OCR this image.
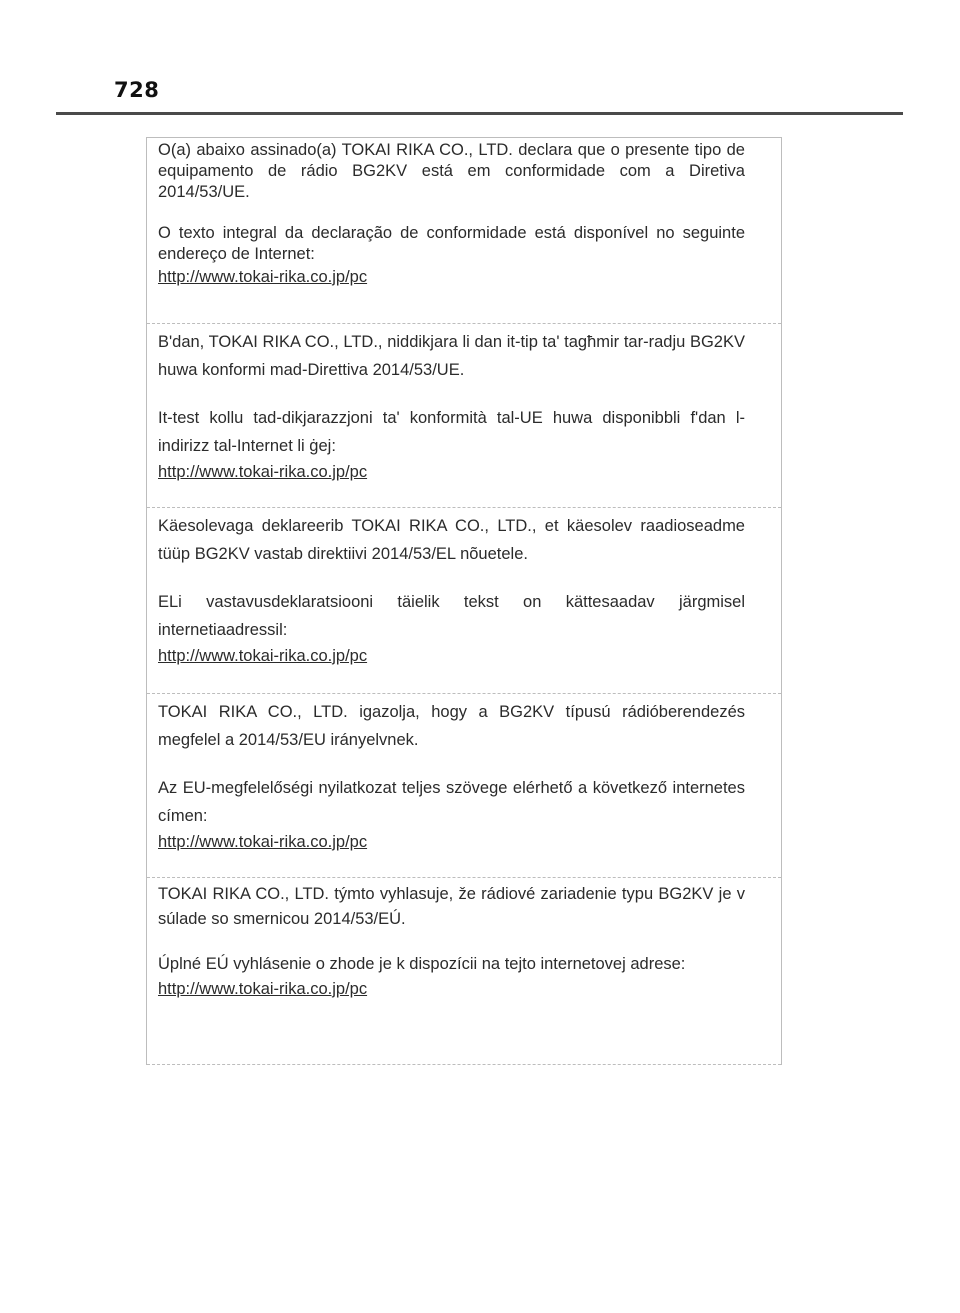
728

O(a) abaixo assinado(a) TOKAI RIKA CO., LTD. declara que o presente tipo de equipamento de rádio BG2KV está em conformidade com a Diretiva 2014/53/UE.

O texto integral da declaração de conformidade está disponível no seguinte endereço de Internet:

http://www.tokai-rika.co.jp/pc

B'dan, TOKAI RIKA CO., LTD., niddikjara li dan it-tip ta' tagħmir tar-radju BG2KV huwa konformi mad-Direttiva 2014/53/UE.

It-test kollu tad-dikjarazzjoni ta' konformità tal-UE huwa disponibbli f'dan l-indirizz tal-Internet li ġej:

http://www.tokai-rika.co.jp/pc

Käesolevaga deklareerib TOKAI RIKA CO., LTD., et käesolev raadioseadme tüüp BG2KV vastab direktiivi 2014/53/EL nõuetele.

ELi vastavusdeklaratsiooni täielik tekst on kättesaadav järgmisel internetiaadressil:

http://www.tokai-rika.co.jp/pc

TOKAI RIKA CO., LTD. igazolja, hogy a BG2KV típusú rádióberendezés megfelel a 2014/53/EU irányelvnek.

Az EU-megfelelőségi nyilatkozat teljes szövege elérhető a következő internetes címen:

http://www.tokai-rika.co.jp/pc

TOKAI RIKA CO., LTD. týmto vyhlasuje, že rádiové zariadenie typu BG2KV je v súlade so smernicou 2014/53/EÚ.

Úplné EÚ vyhlásenie o zhode je k dispozícii na tejto internetovej adrese:

http://www.tokai-rika.co.jp/pc
